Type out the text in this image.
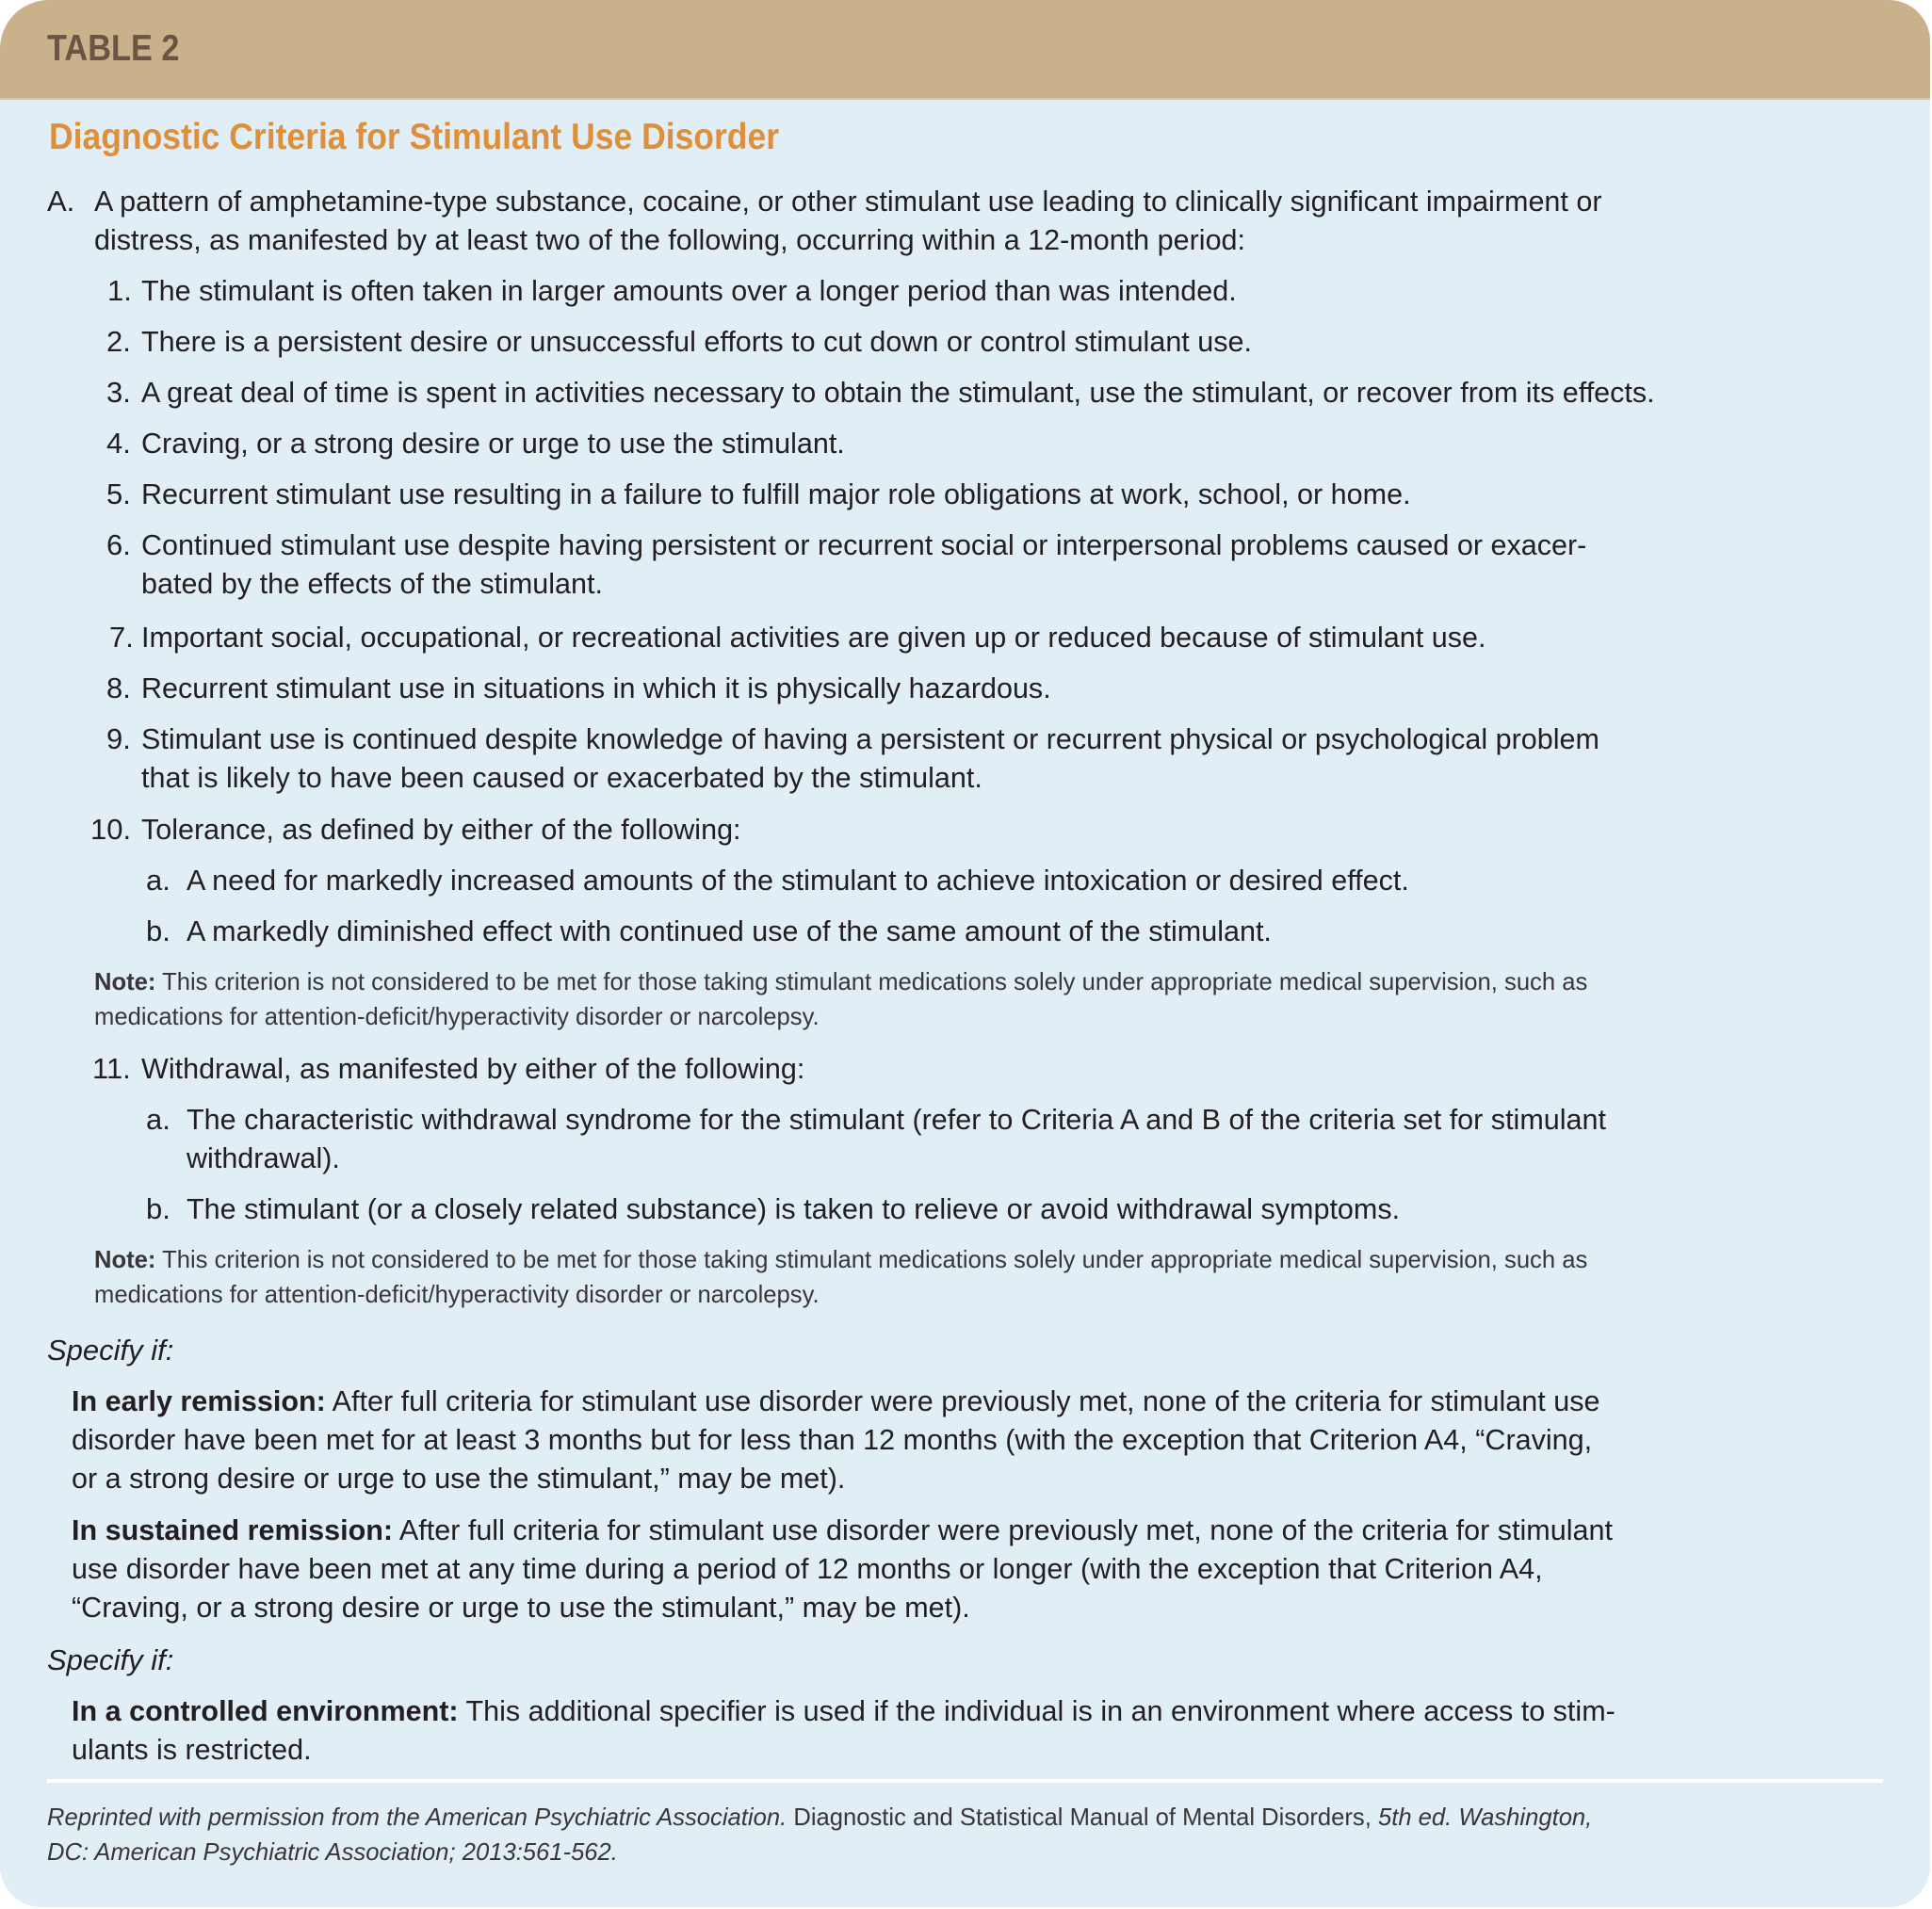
TABLE 2
Diagnostic Criteria for Stimulant Use Disorder
A. A pattern of amphetamine-type substance, cocaine, or other stimulant use leading to clinically significant impairment or
distress, as manifested by at least two of the following, occurring within a 12-month period:
1. The stimulant is often taken in larger amounts over a longer period than was intended.
2. There is a persistent desire or unsuccessful efforts to cut down or control stimulant use.
3. A great deal of time is spent in activities necessary to obtain the stimulant, use the stimulant, or recover from its effects.
4. Craving, or a strong desire or urge to use the stimulant.
5. Recurrent stimulant use resulting in a failure to fulfill major role obligations at work, school, or home.
6. Continued stimulant use despite having persistent or recurrent social or interpersonal problems caused or exacer-
bated by the effects of the stimulant.
7. Important social, occupational, or recreational activities are given up or reduced because of stimulant use.
8. Recurrent stimulant use in situations in which it is physically hazardous.
9. Stimulant use is continued despite knowledge of having a persistent or recurrent physical or psychological problem
that is likely to have been caused or exacerbated by the stimulant.
10. Tolerance, as defined by either of the following:
a. A need for markedly increased amounts of the stimulant to achieve intoxication or desired effect.
b. A markedly diminished effect with continued use of the same amount of the stimulant.
Note: This criterion is not considered to be met for those taking stimulant medications solely under appropriate medical supervision, such as
medications for attention-deficit/hyperactivity disorder or narcolepsy.
11. Withdrawal, as manifested by either of the following:
a. The characteristic withdrawal syndrome for the stimulant (refer to Criteria A and B of the criteria set for stimulant
withdrawal).
b. The stimulant (or a closely related substance) is taken to relieve or avoid withdrawal symptoms.
Note: This criterion is not considered to be met for those taking stimulant medications solely under appropriate medical supervision, such as
medications for attention-deficit/hyperactivity disorder or narcolepsy.
Specify if:
In early remission: After full criteria for stimulant use disorder were previously met, none of the criteria for stimulant use
disorder have been met for at least 3 months but for less than 12 months (with the exception that Criterion A4, “Craving,
or a strong desire or urge to use the stimulant,” may be met).
In sustained remission: After full criteria for stimulant use disorder were previously met, none of the criteria for stimulant
use disorder have been met at any time during a period of 12 months or longer (with the exception that Criterion A4,
“Craving, or a strong desire or urge to use the stimulant,” may be met).
Specify if:
In a controlled environment: This additional specifier is used if the individual is in an environment where access to stim-
ulants is restricted.
Reprinted with permission from the American Psychiatric Association. Diagnostic and Statistical Manual of Mental Disorders, 5th ed. Washington,
DC: American Psychiatric Association; 2013:561-562.
